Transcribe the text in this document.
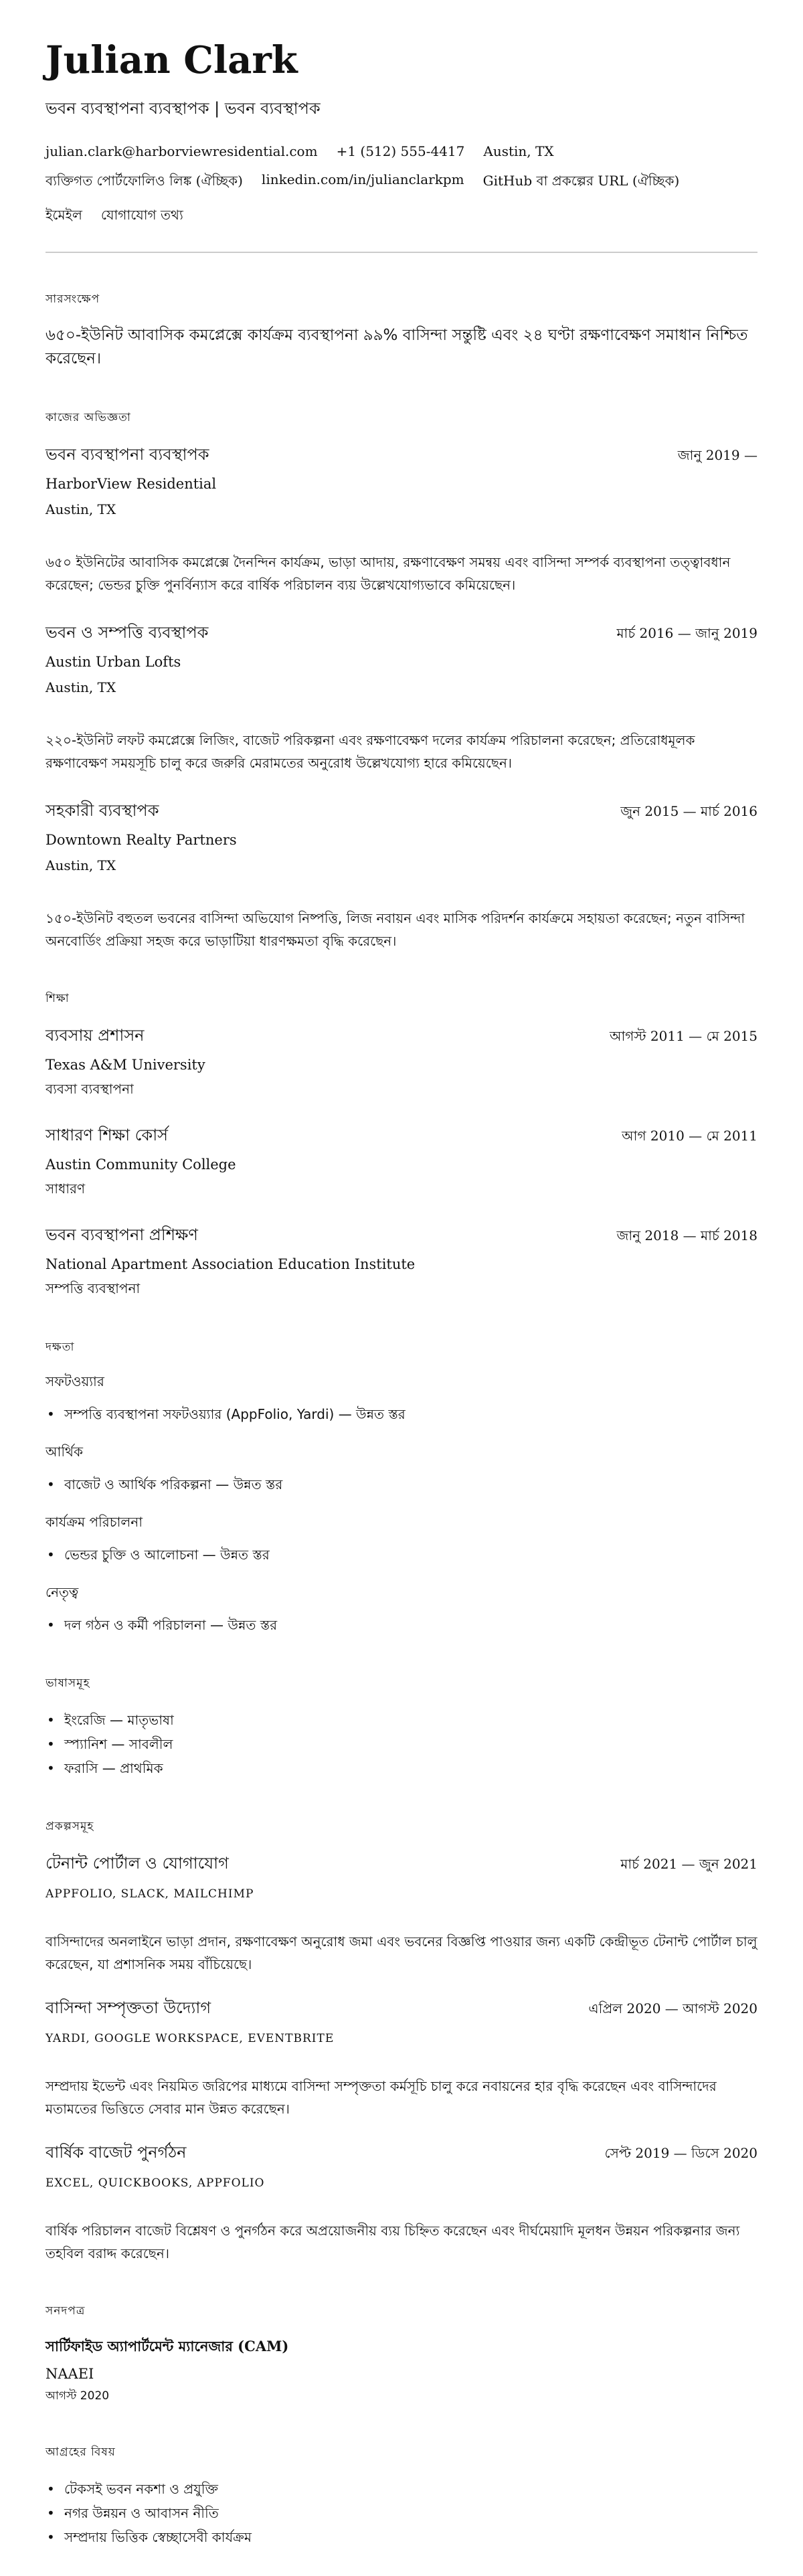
Julian Clark
ভবন ব্যবস্থাপনা ব্যবস্থাপক | ভবন ব্যবস্থাপক
julian.clark@harborviewresidential.com +1 (512) 555-4417 Austin, TX
ব্যক্তিগত পোর্টফোলিও লিঙ্ক (ঐচ্ছিক) linkedin.com/in/julianclarkpm GitHub বা প্রকল্পের URL (ঐচ্ছিক)
ইমেইল যোগাযোগ তথ্য
সারসংক্ষেপ
৬৫০-ইউনিট আবাসিক কমপ্লেক্সে কার্যক্রম ব্যবস্থাপনা ৯৯% বাসিন্দা সন্তুষ্টি এবং ২৪ ঘণ্টা রক্ষণাবেক্ষণ সমাধান নিশ্চিত করেছেন।
কাজের অভিজ্ঞতা
ভবন ব্যবস্থাপনা ব্যবস্থাপক	জানু 2019 —
HarborView Residential
Austin, TX
৬৫০ ইউনিটের আবাসিক কমপ্লেক্সে দৈনন্দিন কার্যক্রম, ভাড়া আদায়, রক্ষণাবেক্ষণ সমন্বয় এবং বাসিন্দা সম্পর্ক ব্যবস্থাপনা তত্ত্বাবধান করেছেন; ভেন্ডর চুক্তি পুনর্বিন্যাস করে বার্ষিক পরিচালন ব্যয় উল্লেখযোগ্যভাবে কমিয়েছেন।
ভবন ও সম্পত্তি ব্যবস্থাপক	মার্চ 2016 — জানু 2019
Austin Urban Lofts
Austin, TX
২২০-ইউনিট লফট কমপ্লেক্সে লিজিং, বাজেট পরিকল্পনা এবং রক্ষণাবেক্ষণ দলের কার্যক্রম পরিচালনা করেছেন; প্রতিরোধমূলক রক্ষণাবেক্ষণ সময়সূচি চালু করে জরুরি মেরামতের অনুরোধ উল্লেখযোগ্য হারে কমিয়েছেন।
সহকারী ব্যবস্থাপক	জুন 2015 — মার্চ 2016
Downtown Realty Partners
Austin, TX
১৫০-ইউনিট বহুতল ভবনের বাসিন্দা অভিযোগ নিষ্পত্তি, লিজ নবায়ন এবং মাসিক পরিদর্শন কার্যক্রমে সহায়তা করেছেন; নতুন বাসিন্দা অনবোর্ডিং প্রক্রিয়া সহজ করে ভাড়াটিয়া ধারণক্ষমতা বৃদ্ধি করেছেন।
শিক্ষা
ব্যবসায় প্রশাসন	আগস্ট 2011 — মে 2015
Texas A&M University
ব্যবসা ব্যবস্থাপনা
সাধারণ শিক্ষা কোর্স	আগ 2010 — মে 2011
Austin Community College
সাধারণ
ভবন ব্যবস্থাপনা প্রশিক্ষণ	জানু 2018 — মার্চ 2018
National Apartment Association Education Institute
সম্পত্তি ব্যবস্থাপনা
দক্ষতা
সফটওয়্যার
• সম্পত্তি ব্যবস্থাপনা সফটওয়্যার (AppFolio, Yardi) — উন্নত স্তর
আর্থিক
• বাজেট ও আর্থিক পরিকল্পনা — উন্নত স্তর
কার্যক্রম পরিচালনা
• ভেন্ডর চুক্তি ও আলোচনা — উন্নত স্তর
নেতৃত্ব
• দল গঠন ও কর্মী পরিচালনা — উন্নত স্তর
ভাষাসমূহ
• ইংরেজি — মাতৃভাষা
• স্প্যানিশ — সাবলীল
• ফরাসি — প্রাথমিক
প্রকল্পসমূহ
টেনান্ট পোর্টাল ও যোগাযোগ	মার্চ 2021 — জুন 2021
APPFOLIO, SLACK, MAILCHIMP
বাসিন্দাদের অনলাইনে ভাড়া প্রদান, রক্ষণাবেক্ষণ অনুরোধ জমা এবং ভবনের বিজ্ঞপ্তি পাওয়ার জন্য একটি কেন্দ্রীভূত টেনান্ট পোর্টাল চালু করেছেন, যা প্রশাসনিক সময় বাঁচিয়েছে।
বাসিন্দা সম্পৃক্ততা উদ্যোগ	এপ্রিল 2020 — আগস্ট 2020
YARDI, GOOGLE WORKSPACE, EVENTBRITE
সম্প্রদায় ইভেন্ট এবং নিয়মিত জরিপের মাধ্যমে বাসিন্দা সম্পৃক্ততা কর্মসূচি চালু করে নবায়নের হার বৃদ্ধি করেছেন এবং বাসিন্দাদের মতামতের ভিত্তিতে সেবার মান উন্নত করেছেন।
বার্ষিক বাজেট পুনর্গঠন	সেপ্ট 2019 — ডিসে 2020
EXCEL, QUICKBOOKS, APPFOLIO
বার্ষিক পরিচালন বাজেট বিশ্লেষণ ও পুনর্গঠন করে অপ্রয়োজনীয় ব্যয় চিহ্নিত করেছেন এবং দীর্ঘমেয়াদি মূলধন উন্নয়ন পরিকল্পনার জন্য তহবিল বরাদ্দ করেছেন।
সনদপত্র
সার্টিফাইড অ্যাপার্টমেন্ট ম্যানেজার (CAM)
NAAEI
আগস্ট 2020
আগ্রহের বিষয়
• টেকসই ভবন নকশা ও প্রযুক্তি
• নগর উন্নয়ন ও আবাসন নীতি
• সম্প্রদায় ভিত্তিক স্বেচ্ছাসেবী কার্যক্রম
